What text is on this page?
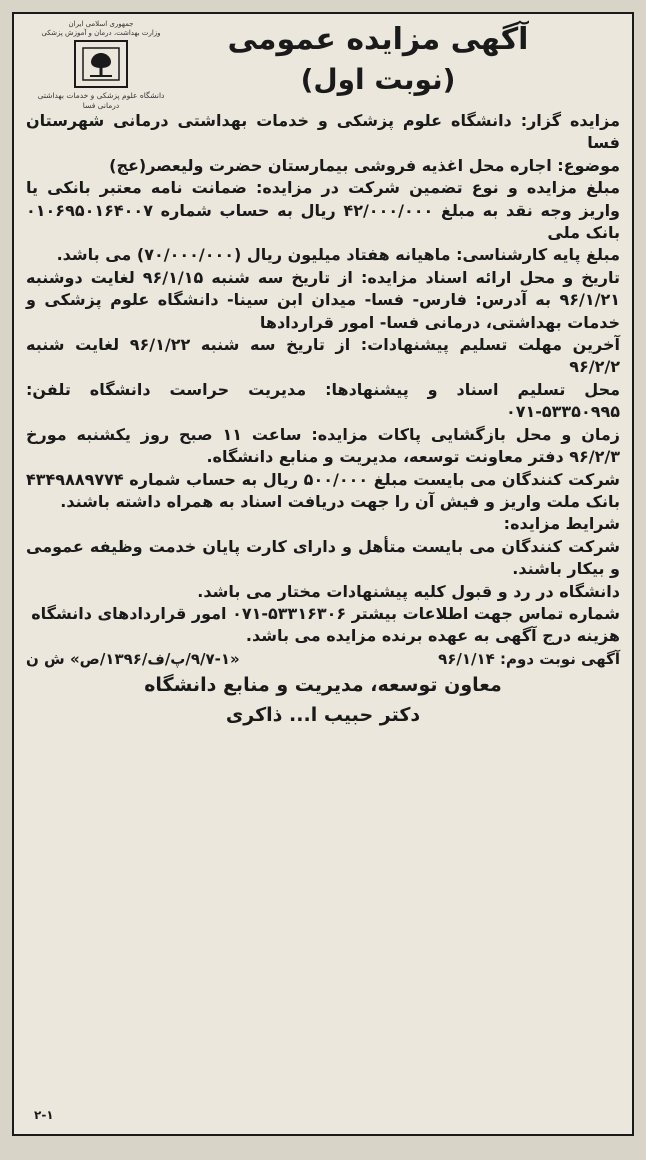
آگهی مزایده عمومی

(نوبت اول)

جمهوری اسلامی ایران
وزارت بهداشت، درمان و آموزش پزشکی
دانشگاه علوم پزشکی و خدمات بهداشتی درمانی فسا

مزایده گزار: دانشگاه علوم پزشکی و خدمات بهداشتی درمانی شهرستان فسا

موضوع: اجاره محل اغذیه فروشی بیمارستان حضرت ولیعصر(عج)

مبلغ مزایده و نوع تضمین شرکت در مزایده: ضمانت نامه معتبر بانکی یا واریز وجه نقد به مبلغ ۴۲/۰۰۰/۰۰۰ ریال به حساب شماره ۰۱۰۶۹۵۰۱۶۴۰۰۷ بانک ملی

مبلغ پایه کارشناسی: ماهیانه هفتاد میلیون ریال (۷۰/۰۰۰/۰۰۰) می باشد.

تاریخ و محل ارائه اسناد مزایده: از تاریخ سه شنبه ۹۶/۱/۱۵ لغایت دوشنبه ۹۶/۱/۲۱ به آدرس: فارس- فسا- میدان ابن سینا- دانشگاه علوم پزشکی و خدمات بهداشتی، درمانی فسا- امور قراردادها

آخرین مهلت تسلیم پیشنهادات: از تاریخ سه شنبه ۹۶/۱/۲۲ لغایت شنبه ۹۶/۲/۲

محل تسلیم اسناد و پیشنهادها: مدیریت حراست دانشگاه تلفن: ۵۳۳۵۰۹۹۵-۰۷۱

زمان و محل بازگشایی پاکات مزایده: ساعت ۱۱ صبح روز یکشنبه مورخ ۹۶/۲/۳ دفتر معاونت توسعه، مدیریت و منابع دانشگاه.

شرکت کنندگان می بایست مبلغ ۵۰۰/۰۰۰ ریال به حساب شماره ۴۳۴۹۸۸۹۷۷۴ بانک ملت واریز و فیش آن را جهت دریافت اسناد به همراه داشته باشند.

شرایط مزایده:

شرکت کنندگان می بایست متأهل و دارای کارت پایان خدمت وظیفه عمومی و بیکار باشند.

دانشگاه در رد و قبول کلیه پیشنهادات مختار می باشد.

شماره تماس جهت اطلاعات بیشتر ۵۳۳۱۶۳۰۶-۰۷۱ امور قراردادهای دانشگاه

هزینه درج آگهی به عهده برنده مزایده می باشد.

آگهی نوبت دوم: ۹۶/۱/۱۴
«۹/۷-۱/پ/ف/۱۳۹۶/ص» ش ن

معاون توسعه، مدیریت و منابع دانشگاه

دکتر حبیب ا... ذاکری

۲-۱
